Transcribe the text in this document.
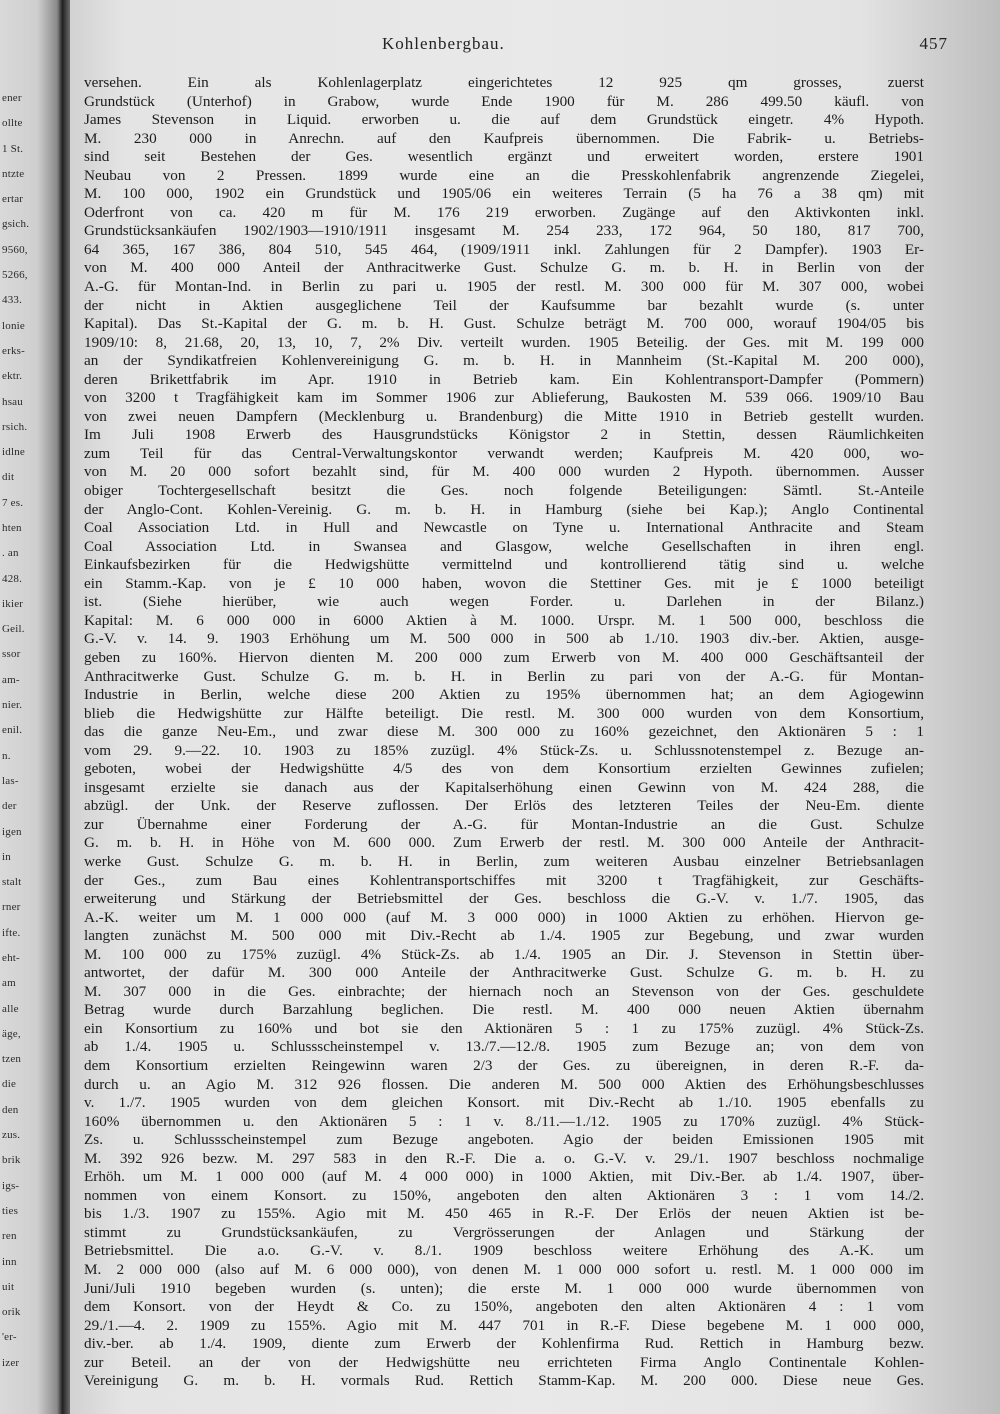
ener
ollte
1 St.
ntzte
ertar
gsich.
9560,
5266,
433.
lonie
erks-
ektr.
hsau
rsich.
idlne
dit
7 es.
hten
. an
428.
ikier
Geil.
ssor
am-
nier.
enil.
n.
las-
der
igen
in
stalt
rner
ifte.
eht-
am
alle
äge,
tzen
die
den
zus.
brik
igs-
ties
ren
inn
uit
orik
'er-
izer
Kohlenbergbau.	457
versehen. Ein als Kohlenlagerplatz eingerichtetes 12 925 qm grosses, zuerst
Grundstück (Unterhof) in Grabow, wurde Ende 1900 für M. 286 499.50 käufl. von
James Stevenson in Liquid. erworben u. die auf dem Grundstück eingetr. 4% Hypoth.
M. 230 000 in Anrechn. auf den Kaufpreis übernommen. Die Fabrik- u. Betriebs-
sind seit Bestehen der Ges. wesentlich ergänzt und erweitert worden, erstere 1901
Neubau von 2 Pressen. 1899 wurde eine an die Presskohlenfabrik angrenzende Ziegelei,
M. 100 000, 1902 ein Grundstück und 1905/06 ein weiteres Terrain (5 ha 76 a 38 qm) mit
Oderfront von ca. 420 m für M. 176 219 erworben. Zugänge auf den Aktivkonten inkl.
Grundstücksankäufen 1902/1903—1910/1911 insgesamt M. 254 233, 172 964, 50 180, 817 700,
64 365, 167 386, 804 510, 545 464, (1909/1911 inkl. Zahlungen für 2 Dampfer). 1903 Er-
von M. 400 000 Anteil der Anthracitwerke Gust. Schulze G. m. b. H. in Berlin von der
A.-G. für Montan-Ind. in Berlin zu pari u. 1905 der restl. M. 300 000 für M. 307 000, wobei
der nicht in Aktien ausgeglichene Teil der Kaufsumme bar bezahlt wurde (s. unter
Kapital). Das St.-Kapital der G. m. b. H. Gust. Schulze beträgt M. 700 000, worauf 1904/05 bis
1909/10: 8, 21.68, 20, 13, 10, 7, 2% Div. verteilt wurden. 1905 Beteilig. der Ges. mit M. 199 000
an der Syndikatfreien Kohlenvereinigung G. m. b. H. in Mannheim (St.-Kapital M. 200 000),
deren Brikettfabrik im Apr. 1910 in Betrieb kam. Ein Kohlentransport-Dampfer (Pommern)
von 3200 t Tragfähigkeit kam im Sommer 1906 zur Ablieferung, Baukosten M. 539 066. 1909/10 Bau
von zwei neuen Dampfern (Mecklenburg u. Brandenburg) die Mitte 1910 in Betrieb gestellt wurden.
Im Juli 1908 Erwerb des Hausgrundstücks Königstor 2 in Stettin, dessen Räumlichkeiten
zum Teil für das Central-Verwaltungskontor verwandt werden; Kaufpreis M. 420 000, wo-
von M. 20 000 sofort bezahlt sind, für M. 400 000 wurden 2 Hypoth. übernommen. Ausser
obiger Tochtergesellschaft besitzt die Ges. noch folgende Beteiligungen: Sämtl. St.-Anteile
der Anglo-Cont. Kohlen-Vereinig. G. m. b. H. in Hamburg (siehe bei Kap.); Anglo Continental
Coal Association Ltd. in Hull and Newcastle on Tyne u. International Anthracite and Steam
Coal Association Ltd. in Swansea and Glasgow, welche Gesellschaften in ihren engl.
Einkaufsbezirken für die Hedwigshütte vermittelnd und kontrollierend tätig sind u. welche
ein Stamm.-Kap. von je £ 10 000 haben, wovon die Stettiner Ges. mit je £ 1000 beteiligt
ist. (Siehe hierüber, wie auch wegen Forder. u. Darlehen in der Bilanz.)
Kapital: M. 6 000 000 in 6000 Aktien à M. 1000. Urspr. M. 1 500 000, beschloss die
G.-V. v. 14. 9. 1903 Erhöhung um M. 500 000 in 500 ab 1./10. 1903 div.-ber. Aktien, ausge-
geben zu 160%. Hiervon dienten M. 200 000 zum Erwerb von M. 400 000 Geschäftsanteil der
Anthracitwerke Gust. Schulze G. m. b. H. in Berlin zu pari von der A.-G. für Montan-
Industrie in Berlin, welche diese 200 Aktien zu 195% übernommen hat; an dem Agiogewinn
blieb die Hedwigshütte zur Hälfte beteiligt. Die restl. M. 300 000 wurden von dem Konsortium,
das die ganze Neu-Em., und zwar diese M. 300 000 zu 160% gezeichnet, den Aktionären 5 : 1
vom 29. 9.—22. 10. 1903 zu 185% zuzügl. 4% Stück-Zs. u. Schlussnotenstempel z. Bezuge an-
geboten, wobei der Hedwigshütte 4/5 des von dem Konsortium erzielten Gewinnes zufielen;
insgesamt erzielte sie danach aus der Kapitalserhöhung einen Gewinn von M. 424 288, die
abzügl. der Unk. der Reserve zuflossen. Der Erlös des letzteren Teiles der Neu-Em. diente
zur Übernahme einer Forderung der A.-G. für Montan-Industrie an die Gust. Schulze
G. m. b. H. in Höhe von M. 600 000. Zum Erwerb der restl. M. 300 000 Anteile der Anthracit-
werke Gust. Schulze G. m. b. H. in Berlin, zum weiteren Ausbau einzelner Betriebsanlagen
der Ges., zum Bau eines Kohlentransportschiffes mit 3200 t Tragfähigkeit, zur Geschäfts-
erweiterung und Stärkung der Betriebsmittel der Ges. beschloss die G.-V. v. 1./7. 1905, das
A.-K. weiter um M. 1 000 000 (auf M. 3 000 000) in 1000 Aktien zu erhöhen. Hiervon ge-
langten zunächst M. 500 000 mit Div.-Recht ab 1./4. 1905 zur Begebung, und zwar wurden
M. 100 000 zu 175% zuzügl. 4% Stück-Zs. ab 1./4. 1905 an Dir. J. Stevenson in Stettin über-
antwortet, der dafür M. 300 000 Anteile der Anthracitwerke Gust. Schulze G. m. b. H. zu
M. 307 000 in die Ges. einbrachte; der hiernach noch an Stevenson von der Ges. geschuldete
Betrag wurde durch Barzahlung beglichen. Die restl. M. 400 000 neuen Aktien übernahm
ein Konsortium zu 160% und bot sie den Aktionären 5 : 1 zu 175% zuzügl. 4% Stück-Zs.
ab 1./4. 1905 u. Schlussscheinstempel v. 13./7.—12./8. 1905 zum Bezuge an; von dem von
dem Konsortium erzielten Reingewinn waren 2/3 der Ges. zu übereignen, in deren R.-F. da-
durch u. an Agio M. 312 926 flossen. Die anderen M. 500 000 Aktien des Erhöhungsbeschlusses
v. 1./7. 1905 wurden von dem gleichen Konsort. mit Div.-Recht ab 1./10. 1905 ebenfalls zu
160% übernommen u. den Aktionären 5 : 1 v. 8./11.—1./12. 1905 zu 170% zuzügl. 4% Stück-
Zs. u. Schlussscheinstempel zum Bezuge angeboten. Agio der beiden Emissionen 1905 mit
M. 392 926 bezw. M. 297 583 in den R.-F. Die a. o. G.-V. v. 29./1. 1907 beschloss nochmalige
Erhöh. um M. 1 000 000 (auf M. 4 000 000) in 1000 Aktien, mit Div.-Ber. ab 1./4. 1907, über-
nommen von einem Konsort. zu 150%, angeboten den alten Aktionären 3 : 1 vom 14./2.
bis 1./3. 1907 zu 155%. Agio mit M. 450 465 in R.-F. Der Erlös der neuen Aktien ist be-
stimmt zu Grundstücksankäufen, zu Vergrösserungen der Anlagen und Stärkung der
Betriebsmittel. Die a.o. G.-V. v. 8./1. 1909 beschloss weitere Erhöhung des A.-K. um
M. 2 000 000 (also auf M. 6 000 000), von denen M. 1 000 000 sofort u. restl. M. 1 000 000 im
Juni/Juli 1910 begeben wurden (s. unten); die erste M. 1 000 000 wurde übernommen von
dem Konsort. von der Heydt & Co. zu 150%, angeboten den alten Aktionären 4 : 1 vom
29./1.—4. 2. 1909 zu 155%. Agio mit M. 447 701 in R.-F. Diese begebene M. 1 000 000,
div.-ber. ab 1./4. 1909, diente zum Erwerb der Kohlenfirma Rud. Rettich in Hamburg bezw.
zur Beteil. an der von der Hedwigshütte neu errichteten Firma Anglo Continentale Kohlen-
Vereinigung G. m. b. H. vormals Rud. Rettich Stamm-Kap. M. 200 000. Diese neue Ges.
